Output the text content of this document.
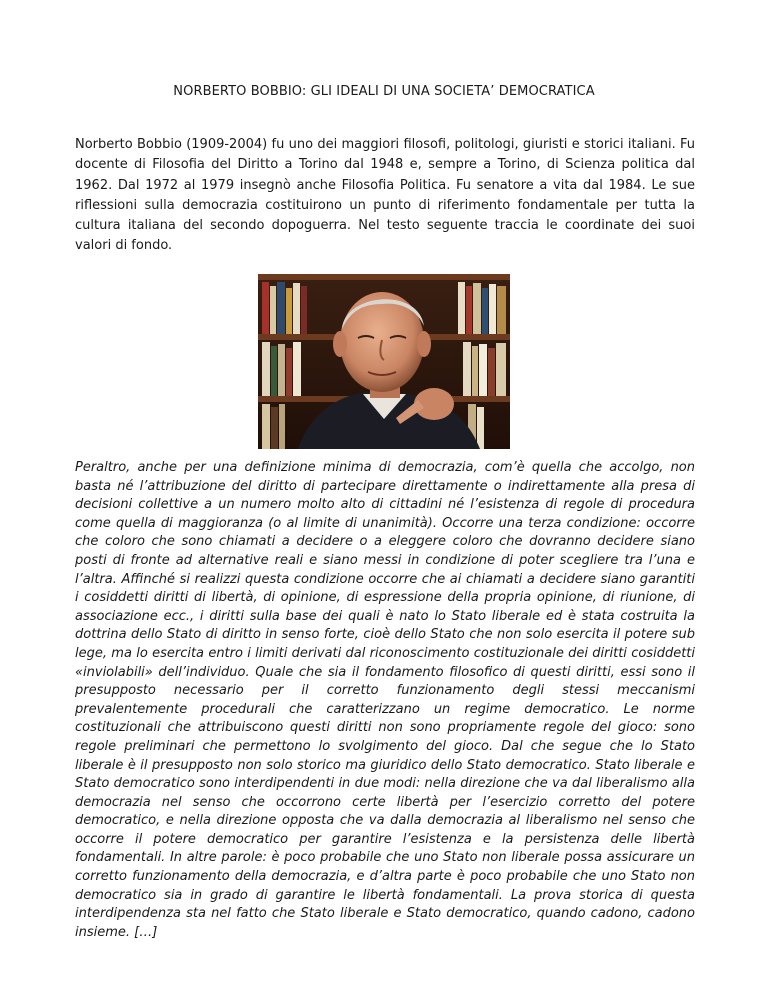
NORBERTO BOBBIO: GLI IDEALI DI UNA SOCIETA’ DEMOCRATICA

Norberto Bobbio (1909-2004) fu uno dei maggiori filosofi, politologi, giuristi e storici italiani. Fu docente di Filosofia del Diritto a Torino dal 1948 e, sempre a Torino, di Scienza politica dal 1962. Dal 1972 al 1979 insegnò anche Filosofia Politica. Fu senatore a vita dal 1984. Le sue riflessioni sulla democrazia costituirono un punto di riferimento fondamentale per tutta la cultura italiana del secondo dopoguerra. Nel testo seguente traccia le coordinate dei suoi valori di fondo.

Peraltro, anche per una definizione minima di democrazia, com’è quella che accolgo, non basta né l’attribuzione del diritto di partecipare direttamente o indirettamente alla presa di decisioni collettive a un numero molto alto di cittadini né l’esistenza di regole di procedura come quella di maggioranza (o al limite di unanimità). Occorre una terza condizione: occorre che coloro che sono chiamati a decidere o a eleggere coloro che dovranno decidere siano posti di fronte ad alternative reali e siano messi in condizione di poter scegliere tra l’una e l’altra. Affinché si realizzi questa condizione occorre che ai chiamati a decidere siano garantiti i cosiddetti diritti di libertà, di opinione, di espressione della propria opinione, di riunione, di associazione ecc., i diritti sulla base dei quali è nato lo Stato liberale ed è stata costruita la dottrina dello Stato di diritto in senso forte, cioè dello Stato che non solo esercita il potere sub lege, ma lo esercita entro i limiti derivati dal riconoscimento costituzionale dei diritti cosiddetti «inviolabili» dell’individuo. Quale che sia il fondamento filosofico di questi diritti, essi sono il presupposto necessario per il corretto funzionamento degli stessi meccanismi prevalentemente procedurali che caratterizzano un regime democratico. Le norme costituzionali che attribuiscono questi diritti non sono propriamente regole del gioco: sono regole preliminari che permettono lo svolgimento del gioco. Dal che segue che lo Stato liberale è il presupposto non solo storico ma giuridico dello Stato democratico. Stato liberale e Stato democratico sono interdipendenti in due modi: nella direzione che va dal liberalismo alla democrazia nel senso che occorrono certe libertà per l’esercizio corretto del potere democratico, e nella direzione opposta che va dalla democrazia al liberalismo nel senso che occorre il potere democratico per garantire l’esistenza e la persistenza delle libertà fondamentali. In altre parole: è poco probabile che uno Stato non liberale possa assicurare un corretto funzionamento della democrazia, e d’altra parte è poco probabile che uno Stato non democratico sia in grado di garantire le libertà fondamentali. La prova storica di questa interdipendenza sta nel fatto che Stato liberale e Stato democratico, quando cadono, cadono insieme. […]
